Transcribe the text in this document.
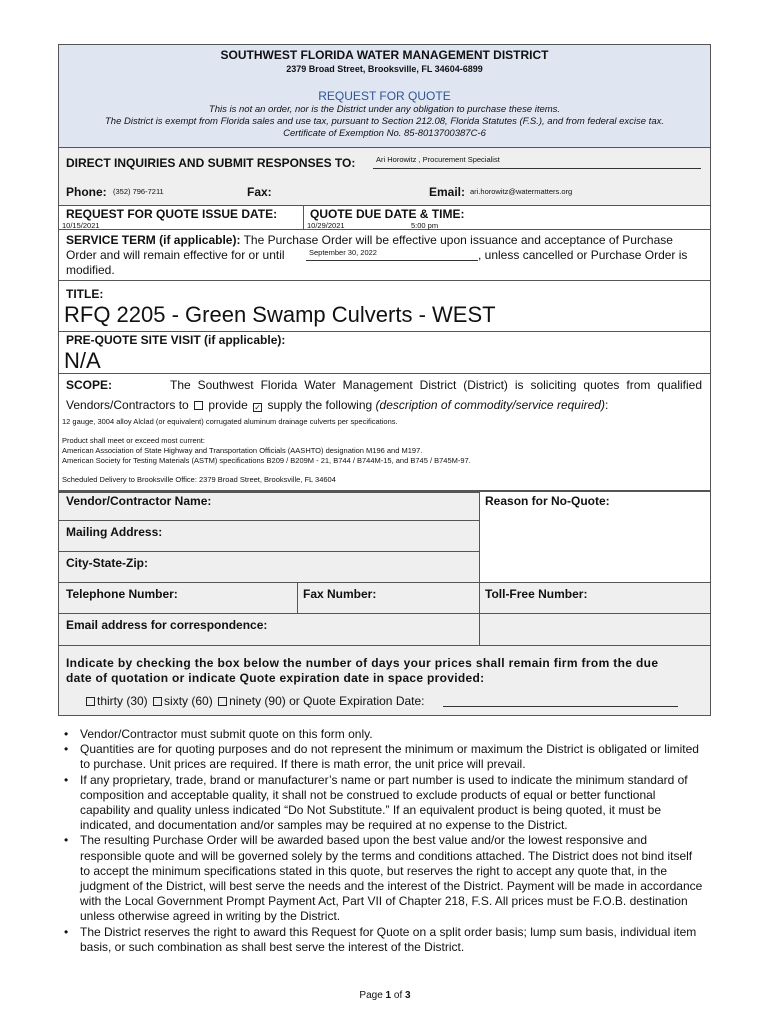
SOUTHWEST FLORIDA WATER MANAGEMENT DISTRICT
2379 Broad Street, Brooksville, FL 34604-6899
REQUEST FOR QUOTE
This is not an order, nor is the District under any obligation to purchase these items.
The District is exempt from Florida sales and use tax, pursuant to Section 212.08, Florida Statutes (F.S.), and from federal excise tax.
Certificate of Exemption No. 85-8013700387C-6
DIRECT INQUIRIES AND SUBMIT RESPONSES TO:	Ari Horowitz , Procurement Specialist
Phone: (352) 796-7211	Fax:	Email: ari.horowitz@watermatters.org
REQUEST FOR QUOTE ISSUE DATE:
10/15/2021
QUOTE DUE DATE & TIME:
10/29/2021	5:00 pm
SERVICE TERM (if applicable): The Purchase Order will be effective upon issuance and acceptance of Purchase
Order and will remain effective for or until	September 30, 2022	, unless cancelled or Purchase Order is
modified.
TITLE:
RFQ 2205 - Green Swamp Culverts - WEST
PRE-QUOTE SITE VISIT (if applicable):
N/A
SCOPE:	The Southwest Florida Water Management District (District) is soliciting quotes from qualified
Vendors/Contractors to provide ✓ supply the following (description of commodity/service required):
12 gauge, 3004 alloy Alclad (or equivalent) corrugated aluminum drainage culverts per specifications.
Product shall meet or exceed most current:
American Association of State Highway and Transportation Officials (AASHTO) designation M196 and M197.
American Society for Testing Materials (ASTM) specifications B209 / B209M - 21, B744 / B744M-15, and B745 / B745M-97.
Scheduled Delivery to Brooksville Office: 2379 Broad Street, Brooksville, FL 34604
Vendor/Contractor Name:	Reason for No-Quote:
Mailing Address:
City-State-Zip:
Telephone Number:	Fax Number:	Toll-Free Number:
Email address for correspondence:
Indicate by checking the box below the number of days your prices shall remain firm from the due
date of quotation or indicate Quote expiration date in space provided:
thirty (30) sixty (60) ninety (90) or Quote Expiration Date:
• Vendor/Contractor must submit quote on this form only.
• Quantities are for quoting purposes and do not represent the minimum or maximum the District is obligated or limited to purchase. Unit prices are required. If there is math error, the unit price will prevail.
• If any proprietary, trade, brand or manufacturer’s name or part number is used to indicate the minimum standard of composition and acceptable quality, it shall not be construed to exclude products of equal or better functional capability and quality unless indicated “Do Not Substitute.” If an equivalent product is being quoted, it must be indicated, and documentation and/or samples may be required at no expense to the District.
• The resulting Purchase Order will be awarded based upon the best value and/or the lowest responsive and responsible quote and will be governed solely by the terms and conditions attached. The District does not bind itself to accept the minimum specifications stated in this quote, but reserves the right to accept any quote that, in the judgment of the District, will best serve the needs and the interest of the District. Payment will be made in accordance with the Local Government Prompt Payment Act, Part VII of Chapter 218, F.S. All prices must be F.O.B. destination unless otherwise agreed in writing by the District.
• The District reserves the right to award this Request for Quote on a split order basis; lump sum basis, individual item basis, or such combination as shall best serve the interest of the District.
Page 1 of 3
